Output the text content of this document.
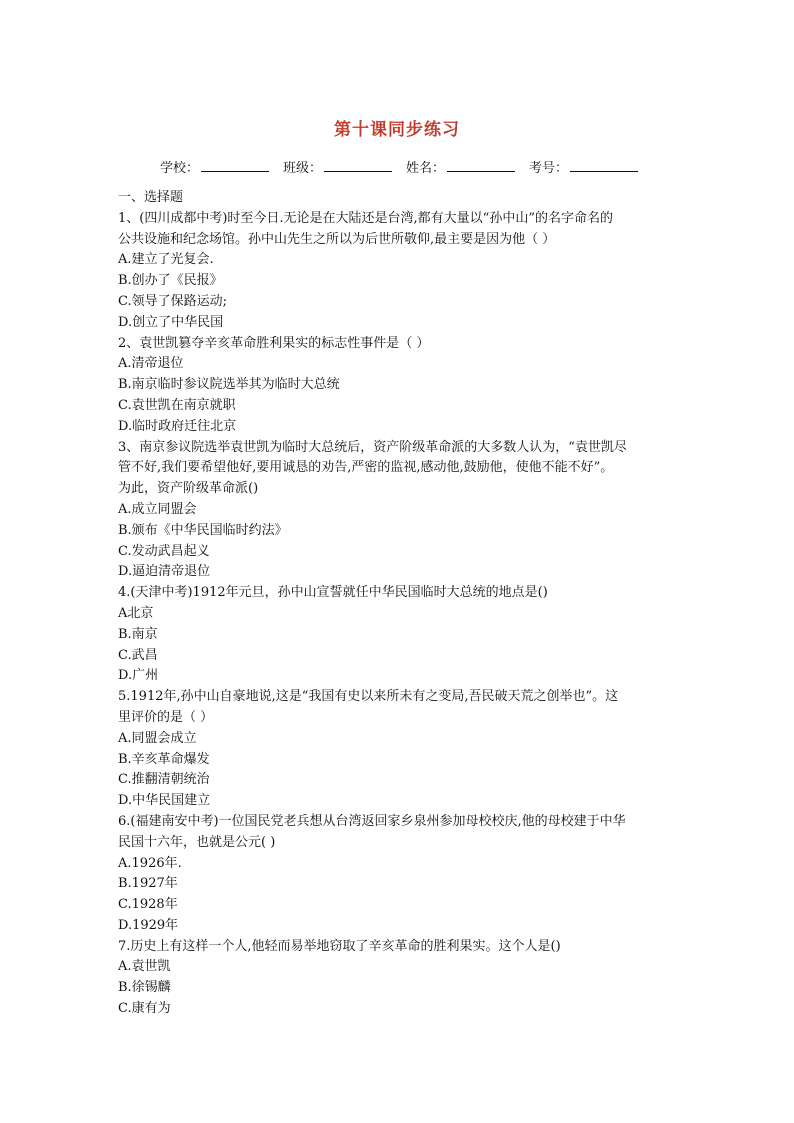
第十课同步练习
学校：	班级：	姓名：	考号：
一、选择题
1、(四川成都中考)时至今日.无论是在大陆还是台湾,都有大量以“孙中山”的名字命名的
公共设施和纪念场馆。孙中山先生之所以为后世所敬仰,最主要是因为他（ ）
A.建立了光复会.
B.创办了《民报》
C.领导了保路运动;
D.创立了中华民国
2、袁世凯篡夺辛亥革命胜利果实的标志性事件是（ ）
A.清帝退位
B.南京临时参议院选举其为临时大总统
C.袁世凯在南京就职
D.临时政府迁往北京
3、南京参议院选举袁世凯为临时大总统后，资产阶级革命派的大多数人认为，“袁世凯尽
管不好,我们要希望他好,要用诚恳的劝告,严密的监视,感动他,鼓励他，使他不能不好”。
为此，资产阶级革命派()
A.成立同盟会
B.颁布《中华民国临时约法》
C.发动武昌起义
D.逼迫清帝退位
4.(天津中考)1912年元旦，孙中山宣誓就任中华民国临时大总统的地点是()
A北京
B.南京
C.武昌
D.广州
5.1912年,孙中山自豪地说,这是“我国有史以来所未有之变局,吾民破天荒之创举也”。这
里评价的是（ ）
A.同盟会成立
B.辛亥革命爆发
C.推翻清朝统治
D.中华民国建立
6.(福建南安中考)一位国民党老兵想从台湾返回家乡泉州参加母校校庆,他的母校建于中华
民国十六年，也就是公元( )
A.1926年.
B.1927年
C.1928年
D.1929年
7.历史上有这样一个人,他轻而易举地窃取了辛亥革命的胜利果实。这个人是()
A.袁世凯
B.徐锡麟
C.康有为
